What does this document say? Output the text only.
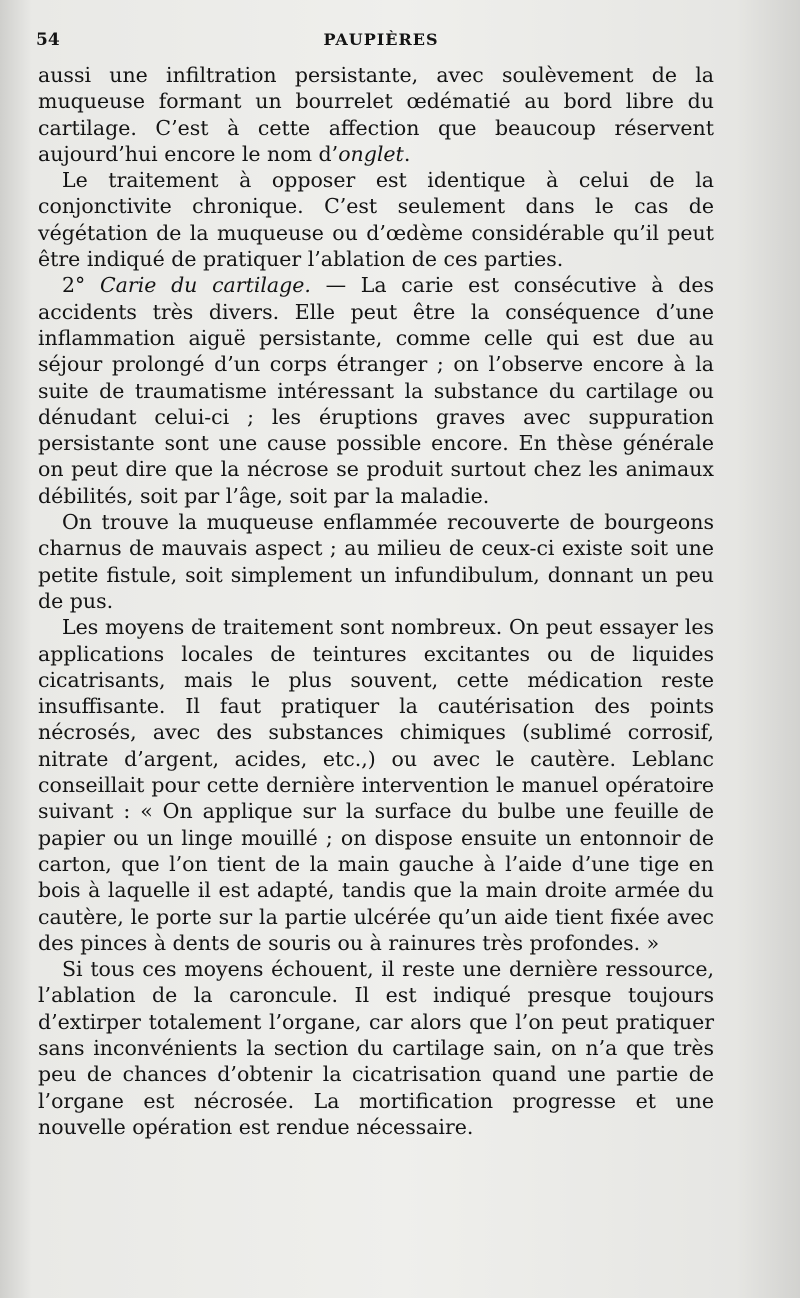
54	PAUPIÈRES

aussi une infiltration persistante, avec soulèvement de la muqueuse formant un bourrelet œdématié au bord libre du cartilage. C’est à cette affection que beaucoup réservent aujourd’hui encore le nom d’onglet.

Le traitement à opposer est identique à celui de la conjonctivite chronique. C’est seulement dans le cas de végétation de la muqueuse ou d’œdème considérable qu’il peut être indiqué de pratiquer l’ablation de ces parties.

2° Carie du cartilage. — La carie est consécutive à des accidents très divers. Elle peut être la conséquence d’une inflammation aiguë persistante, comme celle qui est due au séjour prolongé d’un corps étranger ; on l’observe encore à la suite de traumatisme intéressant la substance du cartilage ou dénudant celui-ci ; les éruptions graves avec suppuration persistante sont une cause possible encore. En thèse générale on peut dire que la nécrose se produit surtout chez les animaux débilités, soit par l’âge, soit par la maladie.

On trouve la muqueuse enflammée recouverte de bourgeons charnus de mauvais aspect ; au milieu de ceux-ci existe soit une petite fistule, soit simplement un infundibulum, donnant un peu de pus.

Les moyens de traitement sont nombreux. On peut essayer les applications locales de teintures excitantes ou de liquides cicatrisants, mais le plus souvent, cette médication reste insuffisante. Il faut pratiquer la cautérisation des points nécrosés, avec des substances chimiques (sublimé corrosif, nitrate d’argent, acides, etc.,) ou avec le cautère. Leblanc conseillait pour cette dernière intervention le manuel opératoire suivant : « On applique sur la surface du bulbe une feuille de papier ou un linge mouillé ; on dispose ensuite un entonnoir de carton, que l’on tient de la main gauche à l’aide d’une tige en bois à laquelle il est adapté, tandis que la main droite armée du cautère, le porte sur la partie ulcérée qu’un aide tient fixée avec des pinces à dents de souris ou à rainures très profondes. »

Si tous ces moyens échouent, il reste une dernière ressource, l’ablation de la caroncule. Il est indiqué presque toujours d’extirper totalement l’organe, car alors que l’on peut pratiquer sans inconvénients la section du cartilage sain, on n’a que très peu de chances d’obtenir la cicatrisation quand une partie de l’organe est nécrosée. La mortification progresse et une nouvelle opération est rendue nécessaire.
